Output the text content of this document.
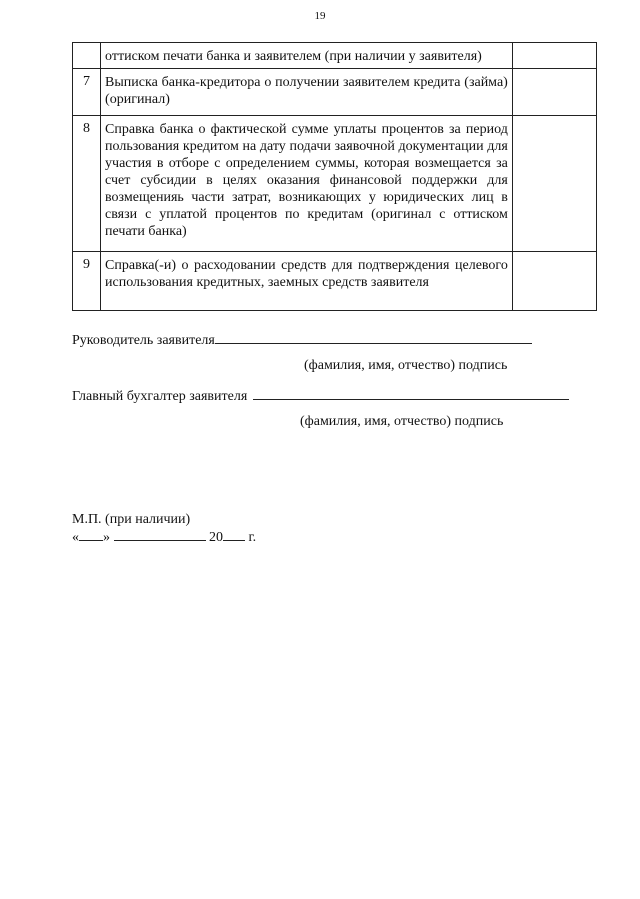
19
	оттиском печати банка и заявителем (при наличии у заявителя)	
7	Выписка банка-кредитора о получении заявителем кредита (займа) (оригинал)	
8	Справка банка о фактической сумме уплаты процентов за период пользования кредитом на дату подачи заявочной документации для участия в отборе с определением суммы, которая возмещается за счет субсидии в целях оказания финансовой поддержки для возмещенияь части затрат, возникающих у юридических лиц в связи с уплатой процентов по кредитам (оригинал с оттиском печати банка)	
9	Справка(-и) о расходовании средств для подтверждения целевого использования кредитных, заемных средств заявителя	
Руководитель заявителя
(фамилия, имя, отчество) подпись
Главный бухгалтер заявителя
(фамилия, имя, отчество) подпись
М.П. (при наличии)
« »	20 г.
